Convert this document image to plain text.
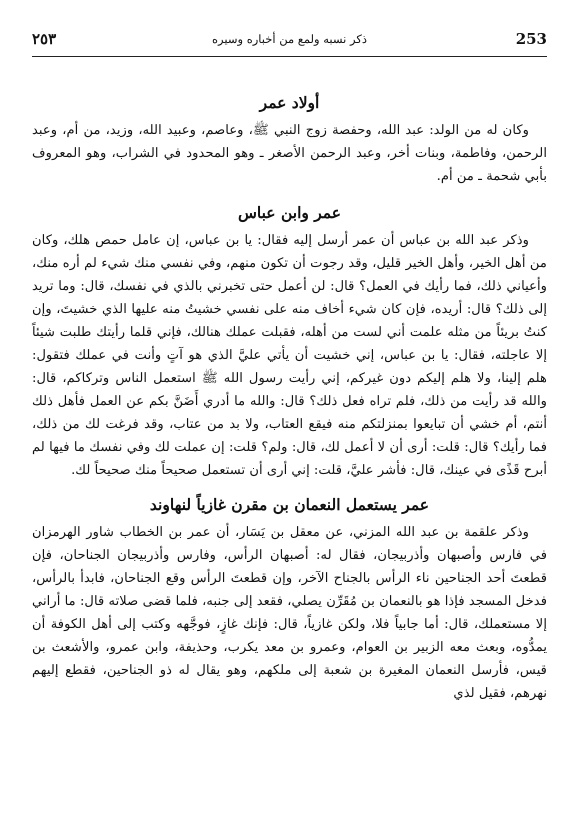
٢٥٣	ذكر نسبه ولمع من أخباره وسيره	253
أولاد عمر

وكان له من الولد: عبد الله، وحفصة زوج النبي ﷺ، وعاصم، وعبيد الله، وزيد، من أم، وعبد الرحمن، وفاطمة، وبنات أخر، وعبد الرحمن الأصغر ـ وهو المحدود في الشراب، وهو المعروف بأبي شحمة ـ من أم.

عمر وابن عباس

وذكر عبد الله بن عباس أن عمر أرسل إليه فقال: يا بن عباس، إن عامل حمص هلك، وكان من أهل الخير، وأهل الخير قليل، وقد رجوت أن تكون منهم، وفي نفسي منك شيء لم أره منك، وأعياني ذلك، فما رأيك في العمل؟ قال: لن أعمل حتى تخبرني بالذي في نفسك، قال: وما تريد إلى ذلك؟ قال: أريده، فإن كان شيء أخاف منه على نفسي خشيتُ منه عليها الذي خشيتَ، وإن كنتُ بريئاً من مثله علمت أني لست من أهله، فقبلت عملك هنالك، فإني قلما رأيتك طلبت شيئاً إلا عاجلته، فقال: يا بن عباس، إني خشيت أن يأتي عليَّ الذي هو آتٍ وأنت في عملك فتقول: هلم إلينا، ولا هلم إليكم دون غيركم، إني رأيت رسول الله ﷺ استعمل الناس وتركاكم، قال: والله قد رأيت من ذلك، فلم تراه فعل ذلك؟ قال: والله ما أدري أَضَنَّ بكم عن العمل فأهل ذلك أنتم، أم خشي أن تبايعوا بمنزلتكم منه فيقع العتاب، ولا بد من عتاب، وقد فرغت لك من ذلك، فما رأيك؟ قال: قلت: أرى أن لا أعمل لك، قال: ولم؟ قلت: إن عملت لك وفي نفسك ما فيها لم أبرح قَذًى في عينك، قال: فأشر عليَّ، قلت: إني أرى أن تستعمل صحيحاً منك صحيحاً لك.

عمر يستعمل النعمان بن مقرن غازياً لنهاوند

وذكر علقمة بن عبد الله المزني، عن معقل بن يَسَار، أن عمر بن الخطاب شاور الهرمزان في فارس وأصبهان وأذربيجان، فقال له: أصبهان الرأس، وفارس وأذربيجان الجناحان، فإن قطعتَ أحد الجناحين ناء الرأس بالجناح الآخر، وإن قطعتَ الرأس وقع الجناحان، فابدأ بالرأس، فدخل المسجد فإذا هو بالنعمان بن مُقَرِّن يصلي، فقعد إلى جنبه، فلما قضى صلاته قال: ما أراني إلا مستعملك، قال: أما جابياً فلا، ولكن غازياً، قال: فإنك غازٍ، فوجَّهه وكتب إلى أهل الكوفة أن يمدُّوه، وبعث معه الزبير بن العوام، وعمرو بن معد يكرب، وحذيفة، وابن عمرو، والأشعث بن قيس، فأرسل النعمان المغيرة بن شعبة إلى ملكهم، وهو يقال له ذو الجناحين، فقطع إليهم نهرهم، فقيل لذي
